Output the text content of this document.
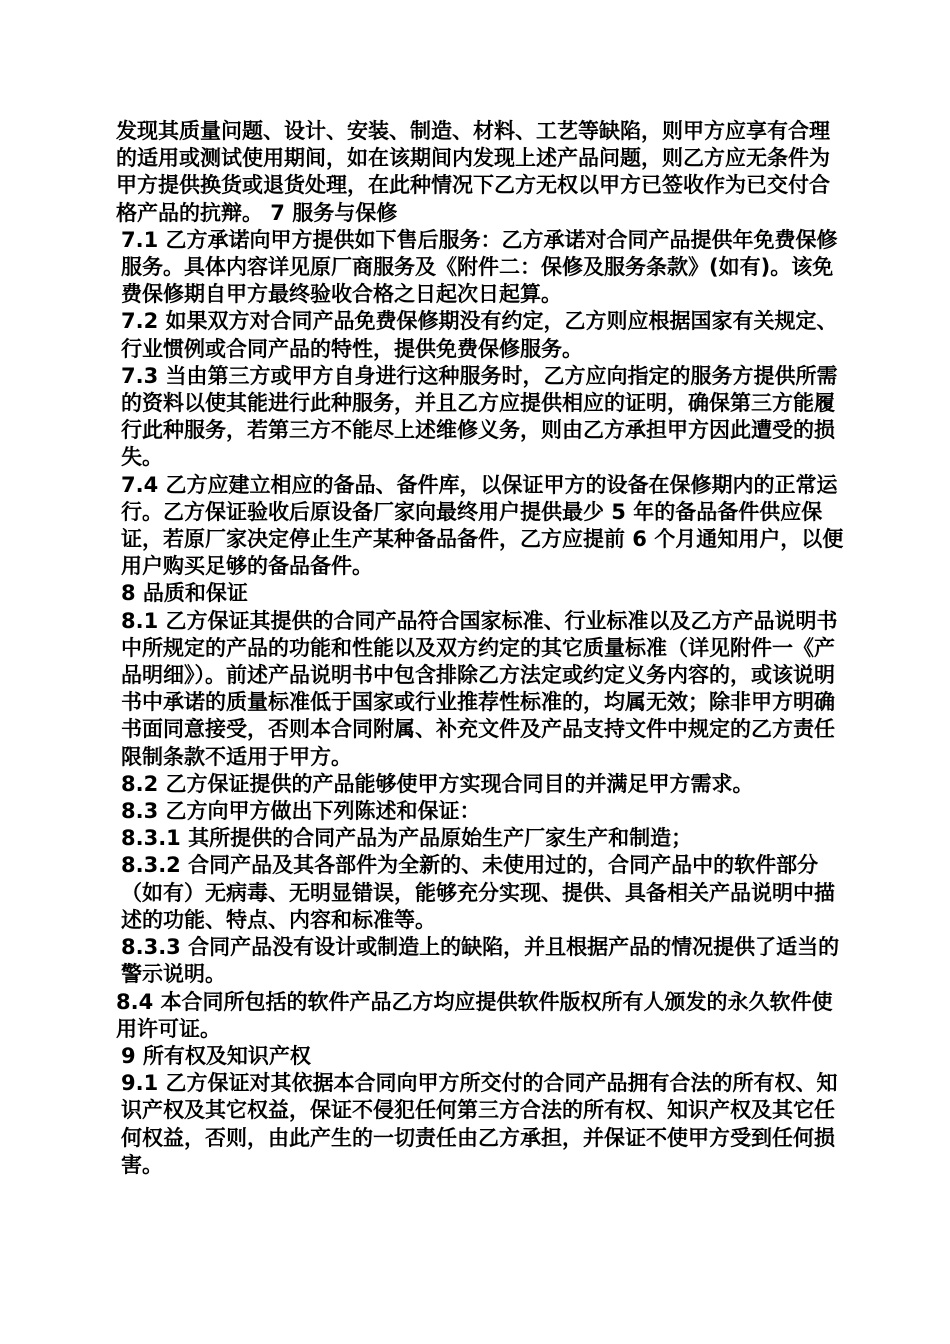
发现其质量问题、设计、安装、制造、材料、工艺等缺陷，则甲方应享有合理的适用或测试使用期间，如在该期间内发现上述产品问题，则乙方应无条件为甲方提供换货或退货处理，在此种情况下乙方无权以甲方已签收作为已交付合格产品的抗辩。 7 服务与保修

7.1 乙方承诺向甲方提供如下售后服务：乙方承诺对合同产品提供年免费保修服务。具体内容详见原厂商服务及《附件二：保修及服务条款》(如有)。该免费保修期自甲方最终验收合格之日起次日起算。

7.2 如果双方对合同产品免费保修期没有约定，乙方则应根据国家有关规定、行业惯例或合同产品的特性，提供免费保修服务。

7.3 当由第三方或甲方自身进行这种服务时，乙方应向指定的服务方提供所需的资料以使其能进行此种服务，并且乙方应提供相应的证明，确保第三方能履行此种服务，若第三方不能尽上述维修义务，则由乙方承担甲方因此遭受的损失。

7.4 乙方应建立相应的备品、备件库，以保证甲方的设备在保修期内的正常运行。乙方保证验收后原设备厂家向最终用户提供最少 5 年的备品备件供应保证，若原厂家决定停止生产某种备品备件，乙方应提前 6 个月通知用户，以便用户购买足够的备品备件。

8 品质和保证

8.1 乙方保证其提供的合同产品符合国家标准、行业标准以及乙方产品说明书中所规定的产品的功能和性能以及双方约定的其它质量标准（详见附件一《产品明细》）。前述产品说明书中包含排除乙方法定或约定义务内容的，或该说明书中承诺的质量标准低于国家或行业推荐性标准的，均属无效；除非甲方明确书面同意接受，否则本合同附属、补充文件及产品支持文件中规定的乙方责任限制条款不适用于甲方。

8.2 乙方保证提供的产品能够使甲方实现合同目的并满足甲方需求。

8.3 乙方向甲方做出下列陈述和保证：

8.3.1 其所提供的合同产品为产品原始生产厂家生产和制造；

8.3.2 合同产品及其各部件为全新的、未使用过的，合同产品中的软件部分（如有）无病毒、无明显错误，能够充分实现、提供、具备相关产品说明中描述的功能、特点、内容和标准等。

8.3.3 合同产品没有设计或制造上的缺陷，并且根据产品的情况提供了适当的警示说明。

8.4 本合同所包括的软件产品乙方均应提供软件版权所有人颁发的永久软件使用许可证。

9 所有权及知识产权

9.1 乙方保证对其依据本合同向甲方所交付的合同产品拥有合法的所有权、知识产权及其它权益，保证不侵犯任何第三方合法的所有权、知识产权及其它任何权益，否则，由此产生的一切责任由乙方承担，并保证不使甲方受到任何损害。
